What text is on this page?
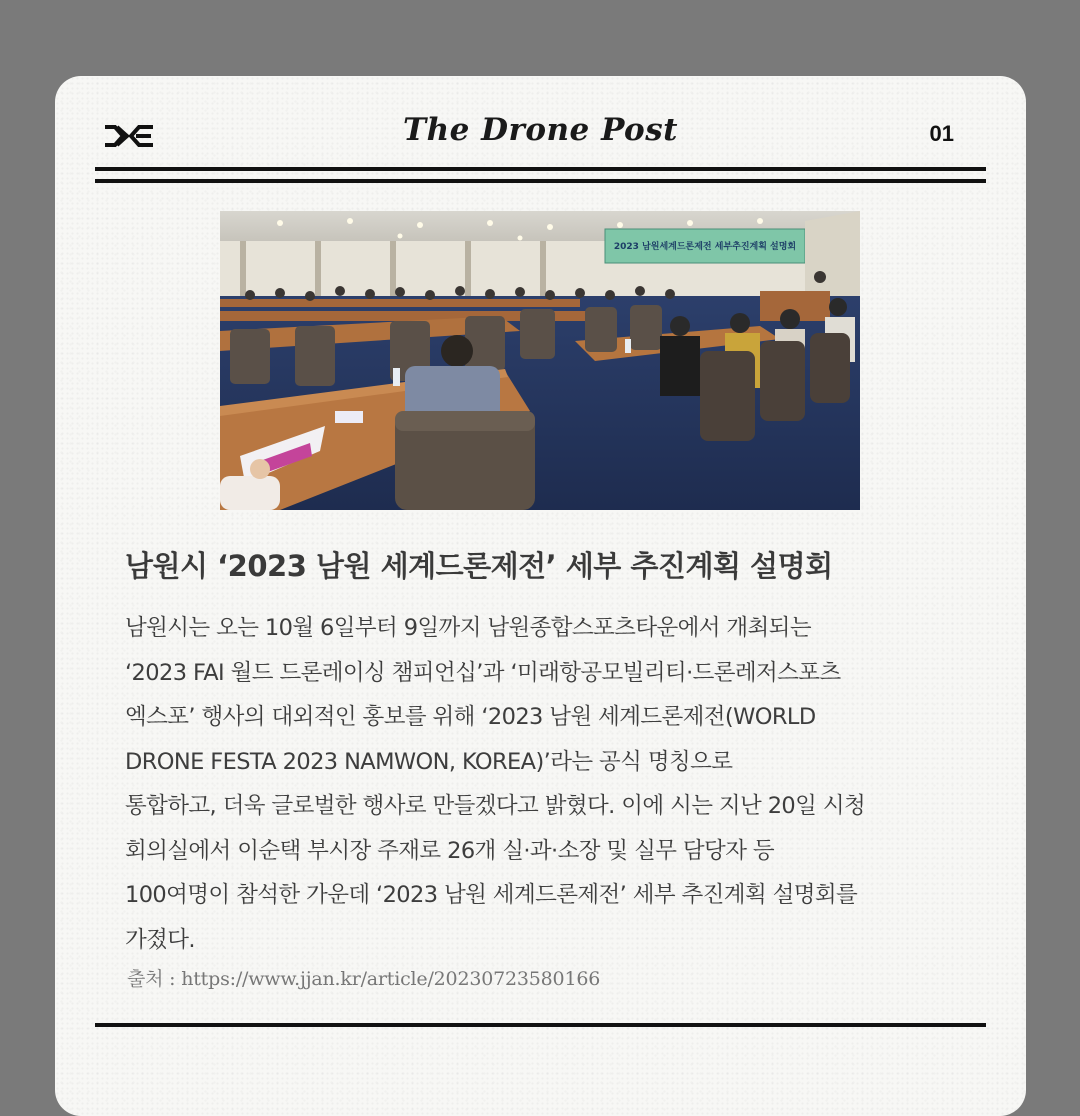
The Drone Post	01
2023 남원세계드론제전 세부추진계획 설명회
남원시 ‘2023 남원 세계드론제전’ 세부 추진계획 설명회
남원시는 오는 10월 6일부터 9일까지 남원종합스포츠타운에서 개최되는
‘2023 FAI 월드 드론레이싱 챔피언십’과 ‘미래항공모빌리티·드론레저스포츠
엑스포’ 행사의 대외적인 홍보를 위해 ‘2023 남원 세계드론제전(WORLD
DRONE FESTA 2023 NAMWON, KOREA)’라는 공식 명칭으로
통합하고, 더욱 글로벌한 행사로 만들겠다고 밝혔다. 이에 시는 지난 20일 시청
회의실에서 이순택 부시장 주재로 26개 실·과·소장 및 실무 담당자 등
100여명이 참석한 가운데 ‘2023 남원 세계드론제전’ 세부 추진계획 설명회를
가졌다.
출처 : https://www.jjan.kr/article/20230723580166
